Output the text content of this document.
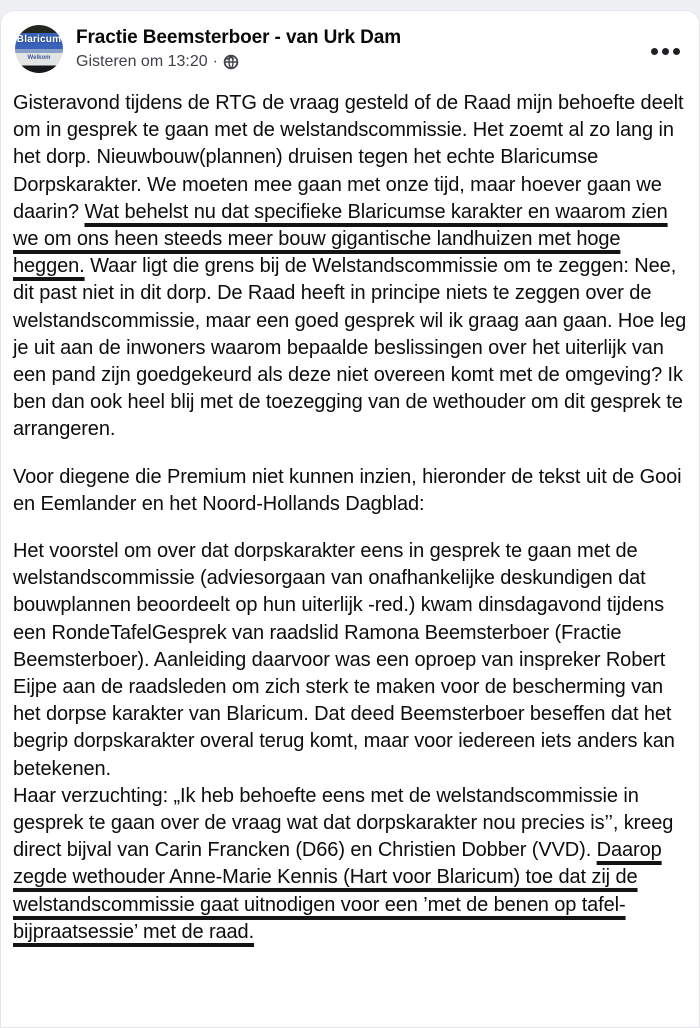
Blaricum
Welkom
Fractie Beemsterboer - van Urk Dam
Gisteren om 13:20 ·

Gisteravond tijdens de RTG de vraag gesteld of de Raad mijn behoefte deelt om in gesprek te gaan met de welstandscommissie. Het zoemt al zo lang in het dorp. Nieuwbouw(plannen) druisen tegen het echte Blaricumse Dorpskarakter. We moeten mee gaan met onze tijd, maar hoever gaan we daarin? Wat behelst nu dat specifieke Blaricumse karakter en waarom zien we om ons heen steeds meer bouw gigantische landhuizen met hoge heggen. Waar ligt die grens bij de Welstandscommissie om te zeggen: Nee, dit past niet in dit dorp. De Raad heeft in principe niets te zeggen over de welstandscommissie, maar een goed gesprek wil ik graag aan gaan. Hoe leg je uit aan de inwoners waarom bepaalde beslissingen over het uiterlijk van een pand zijn goedgekeurd als deze niet overeen komt met de omgeving? Ik ben dan ook heel blij met de toezegging van de wethouder om dit gesprek te arrangeren.

Voor diegene die Premium niet kunnen inzien, hieronder de tekst uit de Gooi en Eemlander en het Noord-Hollands Dagblad:

Het voorstel om over dat dorpskarakter eens in gesprek te gaan met de welstandscommissie (adviesorgaan van onafhankelijke deskundigen dat bouwplannen beoordeelt op hun uiterlijk -red.) kwam dinsdagavond tijdens een RondeTafelGesprek van raadslid Ramona Beemsterboer (Fractie Beemsterboer). Aanleiding daarvoor was een oproep van inspreker Robert Eijpe aan de raadsleden om zich sterk te maken voor de bescherming van het dorpse karakter van Blaricum. Dat deed Beemsterboer beseffen dat het begrip dorpskarakter overal terug komt, maar voor iedereen iets anders kan betekenen.
Haar verzuchting: „Ik heb behoefte eens met de welstandscommissie in gesprek te gaan over de vraag wat dat dorpskarakter nou precies is’’, kreeg direct bijval van Carin Francken (D66) en Christien Dobber (VVD). Daarop zegde wethouder Anne-Marie Kennis (Hart voor Blaricum) toe dat zij de welstandscommissie gaat uitnodigen voor een ’met de benen op tafel-bijpraatsessie’ met de raad.
